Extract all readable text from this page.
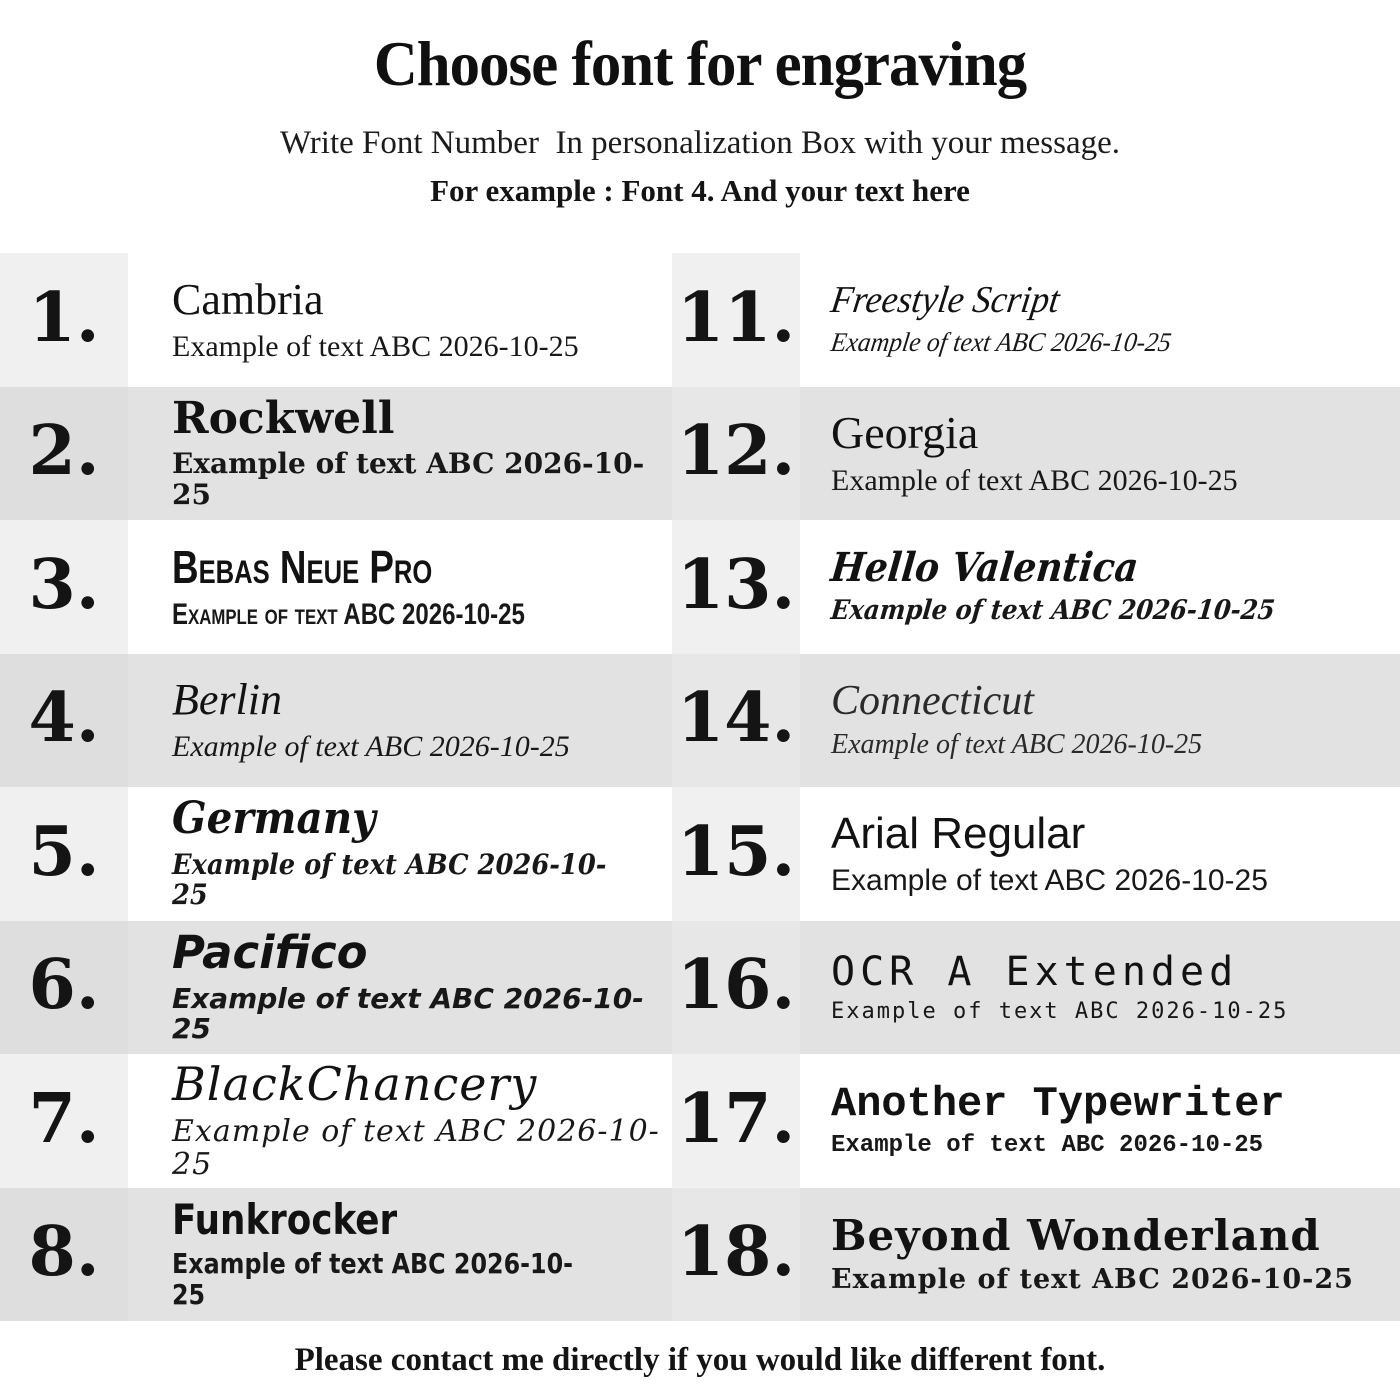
Choose font for engraving
Write Font Number  In personalization Box with your message.
For example : Font 4. And your text here
1.	Cambria
Example of text ABC 2026-10-25	11. Freestyle Script
Example of text ABC 2026-10-25
2.	Rockwell
Example of text ABC 2026-10-25
12. Georgia
Example of text ABC 2026-10-25
3.	Bebas Neue Pro
Example of text ABC 2026-10-25	13. Hello Valentica
Example of text ABC 2026-10-25
4.	Berlin
Example of text ABC 2026-10-25	14. Connecticut
Example of text ABC 2026-10-25
5.	Germany
Example of text ABC 2026-10-25
15. Arial Regular
Example of text ABC 2026-10-25
6.	Pacifico
Example of text ABC 2026-10-25
16. OCR A Extended
Example of text ABC 2026-10-25
7.	BlackChancery
Example of text ABC 2026-10-25
17. Another Typewriter
Example of text ABC 2026-10-25
8.	Funkrocker
Example of text ABC 2026-10-25
18. Beyond Wonderland
Example of text ABC 2026-10-25
Please contact me directly if you would like different font.
